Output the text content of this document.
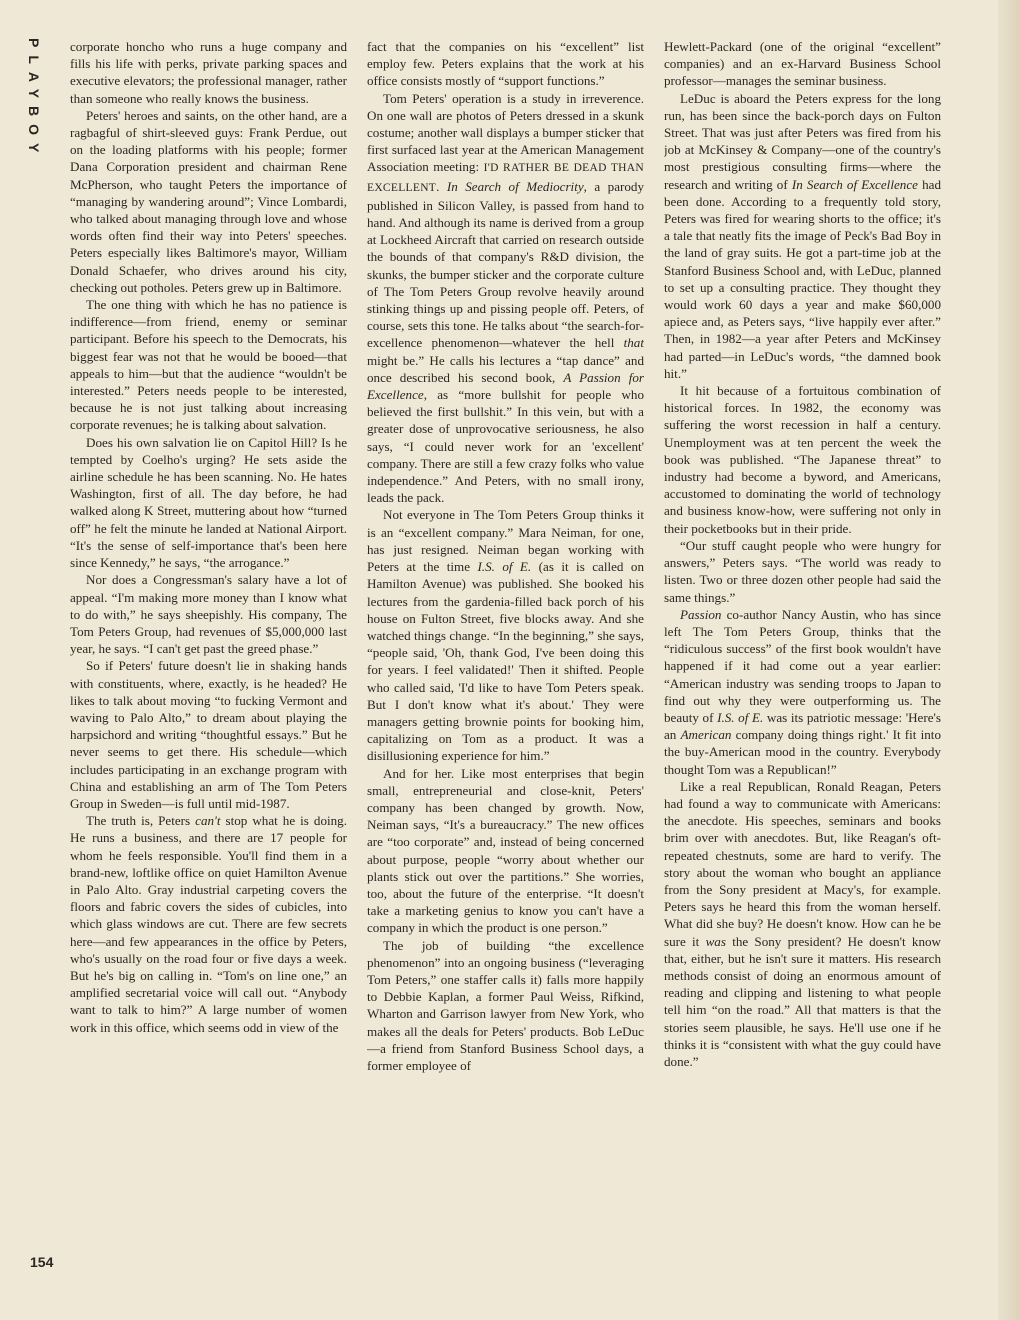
PLAYBOY corporate honcho who runs a huge company and fills his life with perks, private parking spaces and executive elevators; the professional manager, rather than someone who really knows the business.

Peters' heroes and saints, on the other hand, are a ragbagful of shirt-sleeved guys: Frank Perdue, out on the loading platforms with his people; former Dana Corporation president and chairman Rene McPherson, who taught Peters the importance of “managing by wandering around”; Vince Lombardi, who talked about managing through love and whose words often find their way into Peters' speeches. Peters especially likes Baltimore's mayor, William Donald Schaefer, who drives around his city, checking out potholes. Peters grew up in Baltimore.

The one thing with which he has no patience is indifference—from friend, enemy or seminar participant. Before his speech to the Democrats, his biggest fear was not that he would be booed—that appeals to him—but that the audience “wouldn't be interested.” Peters needs people to be interested, because he is not just talking about increasing corporate revenues; he is talking about salvation.

Does his own salvation lie on Capitol Hill? Is he tempted by Coelho's urging? He sets aside the airline schedule he has been scanning. No. He hates Washington, first of all. The day before, he had walked along K Street, muttering about how “turned off” he felt the minute he landed at National Airport. “It's the sense of self-importance that's been here since Kennedy,” he says, “the arrogance.”

Nor does a Congressman's salary have a lot of appeal. “I'm making more money than I know what to do with,” he says sheepishly. His company, The Tom Peters Group, had revenues of $5,000,000 last year, he says. “I can't get past the greed phase.”

So if Peters' future doesn't lie in shaking hands with constituents, where, exactly, is he headed? He likes to talk about moving “to fucking Vermont and waving to Palo Alto,” to dream about playing the harpsichord and writing “thoughtful essays.” But he never seems to get there. His schedule—which includes participating in an exchange program with China and establishing an arm of The Tom Peters Group in Sweden—is full until mid-1987.

The truth is, Peters can't stop what he is doing. He runs a business, and there are 17 people for whom he feels responsible. You'll find them in a brand-new, loftlike office on quiet Hamilton Avenue in Palo Alto. Gray industrial carpeting covers the floors and fabric covers the sides of cubicles, into which glass windows are cut. There are few secrets here—and few appearances in the office by Peters, who's usually on the road four or five days a week. But he's big on calling in. “Tom's on line one,” an amplified secretarial voice will call out. “Anybody want to talk to him?” A large number of women work in this office, which seems odd in view of the

fact that the companies on his “excellent” list employ few. Peters explains that the work at his office consists mostly of “support functions.”

Tom Peters' operation is a study in irreverence. On one wall are photos of Peters dressed in a skunk costume; another wall displays a bumper sticker that first surfaced last year at the American Management Association meeting: I'D RATHER BE DEAD THAN EXCELLENT. In Search of Mediocrity, a parody published in Silicon Valley, is passed from hand to hand. And although its name is derived from a group at Lockheed Aircraft that carried on research outside the bounds of that company's R&D division, the skunks, the bumper sticker and the corporate culture of The Tom Peters Group revolve heavily around stinking things up and pissing people off. Peters, of course, sets this tone. He talks about “the search-for-excellence phenomenon—whatever the hell that might be.” He calls his lectures a “tap dance” and once described his second book, A Passion for Excellence, as “more bullshit for people who believed the first bullshit.” In this vein, but with a greater dose of unprovocative seriousness, he also says, “I could never work for an 'excellent' company. There are still a few crazy folks who value independence.” And Peters, with no small irony, leads the pack.

Not everyone in The Tom Peters Group thinks it is an “excellent company.” Mara Neiman, for one, has just resigned. Neiman began working with Peters at the time I.S. of E. (as it is called on Hamilton Avenue) was published. She booked his lectures from the gardenia-filled back porch of his house on Fulton Street, five blocks away. And she watched things change. “In the beginning,” she says, “people said, 'Oh, thank God, I've been doing this for years. I feel validated!' Then it shifted. People who called said, 'I'd like to have Tom Peters speak. But I don't know what it's about.' They were managers getting brownie points for booking him, capitalizing on Tom as a product. It was a disillusioning experience for him.”

And for her. Like most enterprises that begin small, entrepreneurial and close-knit, Peters' company has been changed by growth. Now, Neiman says, “It's a bureaucracy.” The new offices are “too corporate” and, instead of being concerned about purpose, people “worry about whether our plants stick out over the partitions.” She worries, too, about the future of the enterprise. “It doesn't take a marketing genius to know you can't have a company in which the product is one person.”

The job of building “the excellence phenomenon” into an ongoing business (“leveraging Tom Peters,” one staffer calls it) falls more happily to Debbie Kaplan, a former Paul Weiss, Rifkind, Wharton and Garrison lawyer from New York, who makes all the deals for Peters' products. Bob LeDuc—a friend from Stanford Business School days, a former employee of

Hewlett-Packard (one of the original “excellent” companies) and an ex-Harvard Business School professor—manages the seminar business.

LeDuc is aboard the Peters express for the long run, has been since the back-porch days on Fulton Street. That was just after Peters was fired from his job at McKinsey & Company—one of the country's most prestigious consulting firms—where the research and writing of In Search of Excellence had been done. According to a frequently told story, Peters was fired for wearing shorts to the office; it's a tale that neatly fits the image of Peck's Bad Boy in the land of gray suits. He got a part-time job at the Stanford Business School and, with LeDuc, planned to set up a consulting practice. They thought they would work 60 days a year and make $60,000 apiece and, as Peters says, “live happily ever after.” Then, in 1982—a year after Peters and McKinsey had parted—in LeDuc's words, “the damned book hit.”

It hit because of a fortuitous combination of historical forces. In 1982, the economy was suffering the worst recession in half a century. Unemployment was at ten percent the week the book was published. “The Japanese threat” to industry had become a byword, and Americans, accustomed to dominating the world of technology and business know-how, were suffering not only in their pocketbooks but in their pride.

“Our stuff caught people who were hungry for answers,” Peters says. “The world was ready to listen. Two or three dozen other people had said the same things.”

Passion co-author Nancy Austin, who has since left The Tom Peters Group, thinks that the “ridiculous success” of the first book wouldn't have happened if it had come out a year earlier: “American industry was sending troops to Japan to find out why they were outperforming us. The beauty of I.S. of E. was its patriotic message: 'Here's an American company doing things right.' It fit into the buy-American mood in the country. Everybody thought Tom was a Republican!”

Like a real Republican, Ronald Reagan, Peters had found a way to communicate with Americans: the anecdote. His speeches, seminars and books brim over with anecdotes. But, like Reagan's oft-repeated chestnuts, some are hard to verify. The story about the woman who bought an appliance from the Sony president at Macy's, for example. Peters says he heard this from the woman herself. What did she buy? He doesn't know. How can he be sure it was the Sony president? He doesn't know that, either, but he isn't sure it matters. His research methods consist of doing an enormous amount of reading and clipping and listening to what people tell him “on the road.” All that matters is that the stories seem plausible, he says. He'll use one if he thinks it is “consistent with what the guy could have done.”

154
